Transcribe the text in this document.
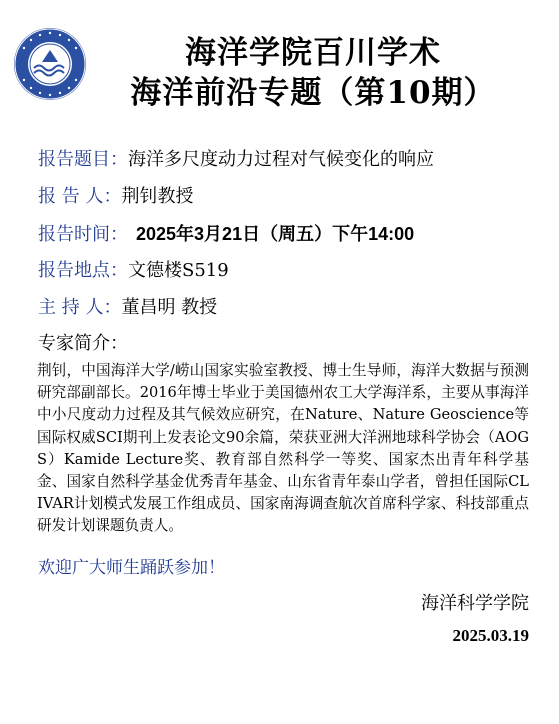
海洋学院百川学术
海洋前沿专题（第10期）
报告题目：海洋多尺度动力过程对气候变化的响应
报 告 人：荆钊教授
报告时间： 2025年3月21日（周五）下午14:00
报告地点：文德楼S519
主 持 人：董昌明 教授
专家简介：
荆钊，中国海洋大学/崂山国家实验室教授、博士生导师，海洋大数据与预测研究部副部长。2016年博士毕业于美国德州农工大学海洋系，主要从事海洋中小尺度动力过程及其气候效应研究，在Nature、Nature Geoscience等国际权威SCI期刊上发表论文90余篇，荣获亚洲大洋洲地球科学协会（AOGS）Kamide Lecture奖、教育部自然科学一等奖、国家杰出青年科学基金、国家自然科学基金优秀青年基金、山东省青年泰山学者，曾担任国际CLIVAR计划模式发展工作组成员、国家南海调查航次首席科学家、科技部重点研发计划课题负责人。
欢迎广大师生踊跃参加！
海洋科学学院
2025.03.19
